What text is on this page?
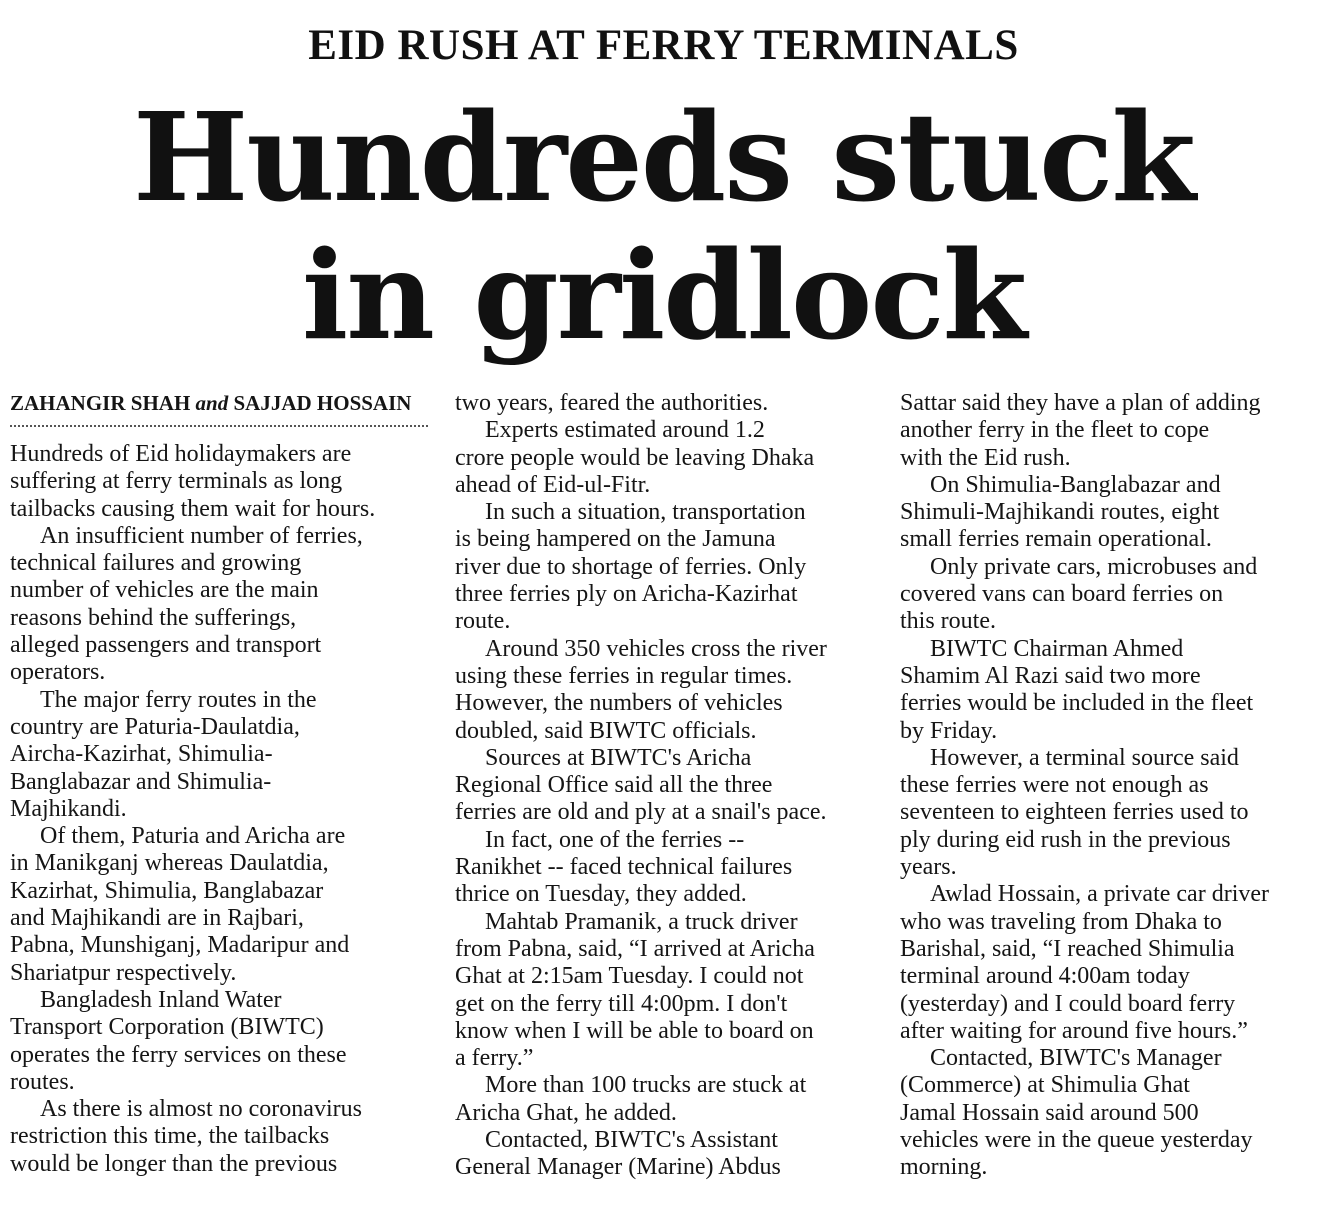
EID RUSH AT FERRY TERMINALS
Hundreds stuck
in gridlock
ZAHANGIR SHAH and SAJJAD HOSSAIN

Hundreds of Eid holidaymakers are
suffering at ferry terminals as long
tailbacks causing them wait for hours.

An insufficient number of ferries,
technical failures and growing
number of vehicles are the main
reasons behind the sufferings,
alleged passengers and transport
operators.

The major ferry routes in the
country are Paturia-Daulatdia,
Aircha-Kazirhat, Shimulia-
Banglabazar and Shimulia-
Majhikandi.

Of them, Paturia and Aricha are
in Manikganj whereas Daulatdia,
Kazirhat, Shimulia, Banglabazar
and Majhikandi are in Rajbari,
Pabna, Munshiganj, Madaripur and
Shariatpur respectively.

Bangladesh Inland Water
Transport Corporation (BIWTC)
operates the ferry services on these
routes.

As there is almost no coronavirus
restriction this time, the tailbacks
would be longer than the previous

two years, feared the authorities.

Experts estimated around 1.2
crore people would be leaving Dhaka
ahead of Eid-ul-Fitr.

In such a situation, transportation
is being hampered on the Jamuna
river due to shortage of ferries. Only
three ferries ply on Aricha-Kazirhat
route.

Around 350 vehicles cross the river
using these ferries in regular times.
However, the numbers of vehicles
doubled, said BIWTC officials.

Sources at BIWTC's Aricha
Regional Office said all the three
ferries are old and ply at a snail's pace.

In fact, one of the ferries --
Ranikhet -- faced technical failures
thrice on Tuesday, they added.

Mahtab Pramanik, a truck driver
from Pabna, said, “I arrived at Aricha
Ghat at 2:15am Tuesday. I could not
get on the ferry till 4:00pm. I don't
know when I will be able to board on
a ferry.”

More than 100 trucks are stuck at
Aricha Ghat, he added.

Contacted, BIWTC's Assistant
General Manager (Marine) Abdus

Sattar said they have a plan of adding
another ferry in the fleet to cope
with the Eid rush.

On Shimulia-Banglabazar and
Shimuli-Majhikandi routes, eight
small ferries remain operational.

Only private cars, microbuses and
covered vans can board ferries on
this route.

BIWTC Chairman Ahmed
Shamim Al Razi said two more
ferries would be included in the fleet
by Friday.

However, a terminal source said
these ferries were not enough as
seventeen to eighteen ferries used to
ply during eid rush in the previous
years.

Awlad Hossain, a private car driver
who was traveling from Dhaka to
Barishal, said, “I reached Shimulia
terminal around 4:00am today
(yesterday) and I could board ferry
after waiting for around five hours.”

Contacted, BIWTC's Manager
(Commerce) at Shimulia Ghat
Jamal Hossain said around 500
vehicles were in the queue yesterday
morning.
